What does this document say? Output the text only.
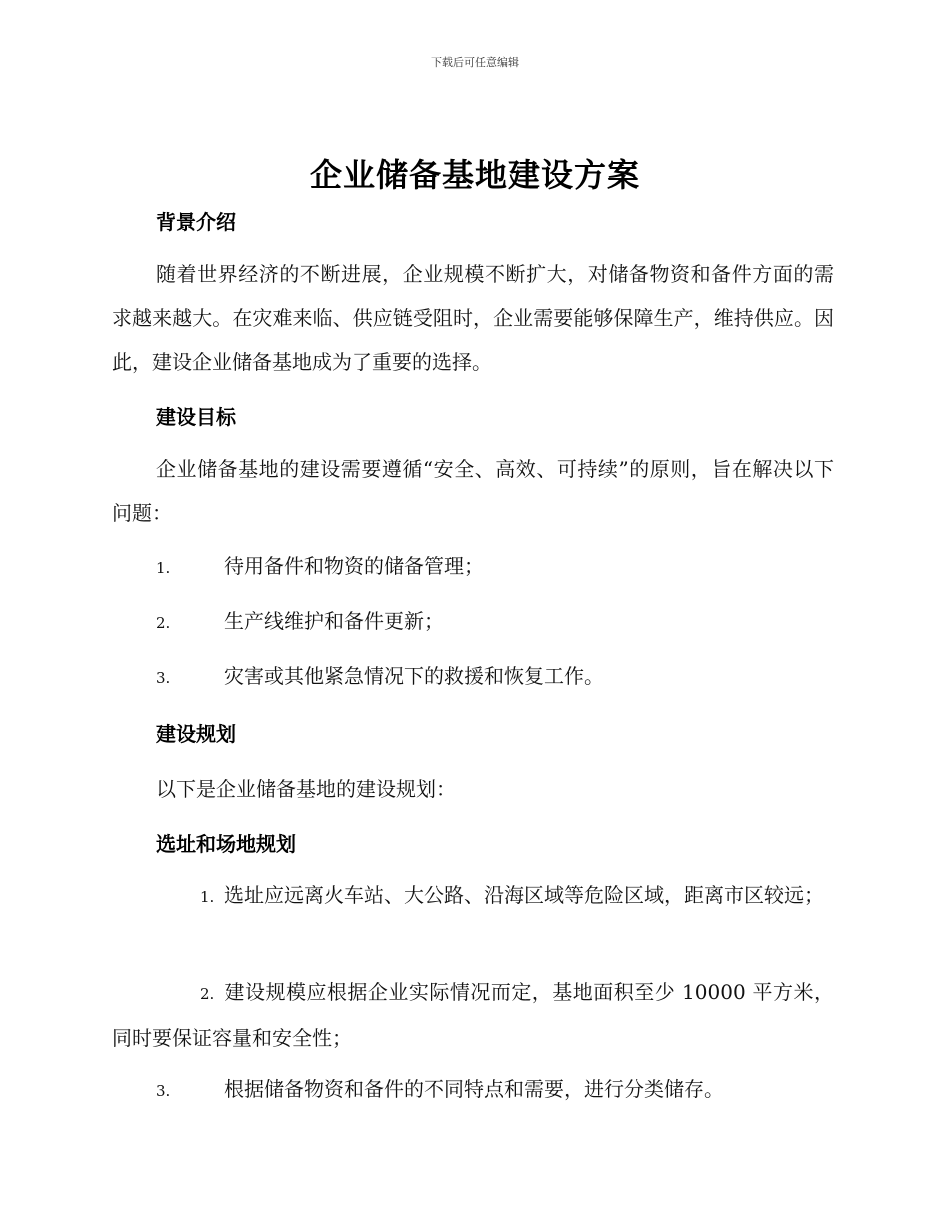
下载后可任意编辑
企业储备基地建设方案
背景介绍
随着世界经济的不断进展，企业规模不断扩大，对储备物资和备件方面的需求越来越大。在灾难来临、供应链受阻时，企业需要能够保障生产，维持供应。因此，建设企业储备基地成为了重要的选择。
建设目标
企业储备基地的建设需要遵循“安全、高效、可持续”的原则，旨在解决以下问题：
1.	待用备件和物资的储备管理；
2.	生产线维护和备件更新；
3.	灾害或其他紧急情况下的救援和恢复工作。
建设规划
以下是企业储备基地的建设规划：
选址和场地规划
1. 选址应远离火车站、大公路、沿海区域等危险区域，距离市区较远；
2. 建设规模应根据企业实际情况而定，基地面积至少 10000 平方米，同时要保证容量和安全性；
3.	根据储备物资和备件的不同特点和需要，进行分类储存。
